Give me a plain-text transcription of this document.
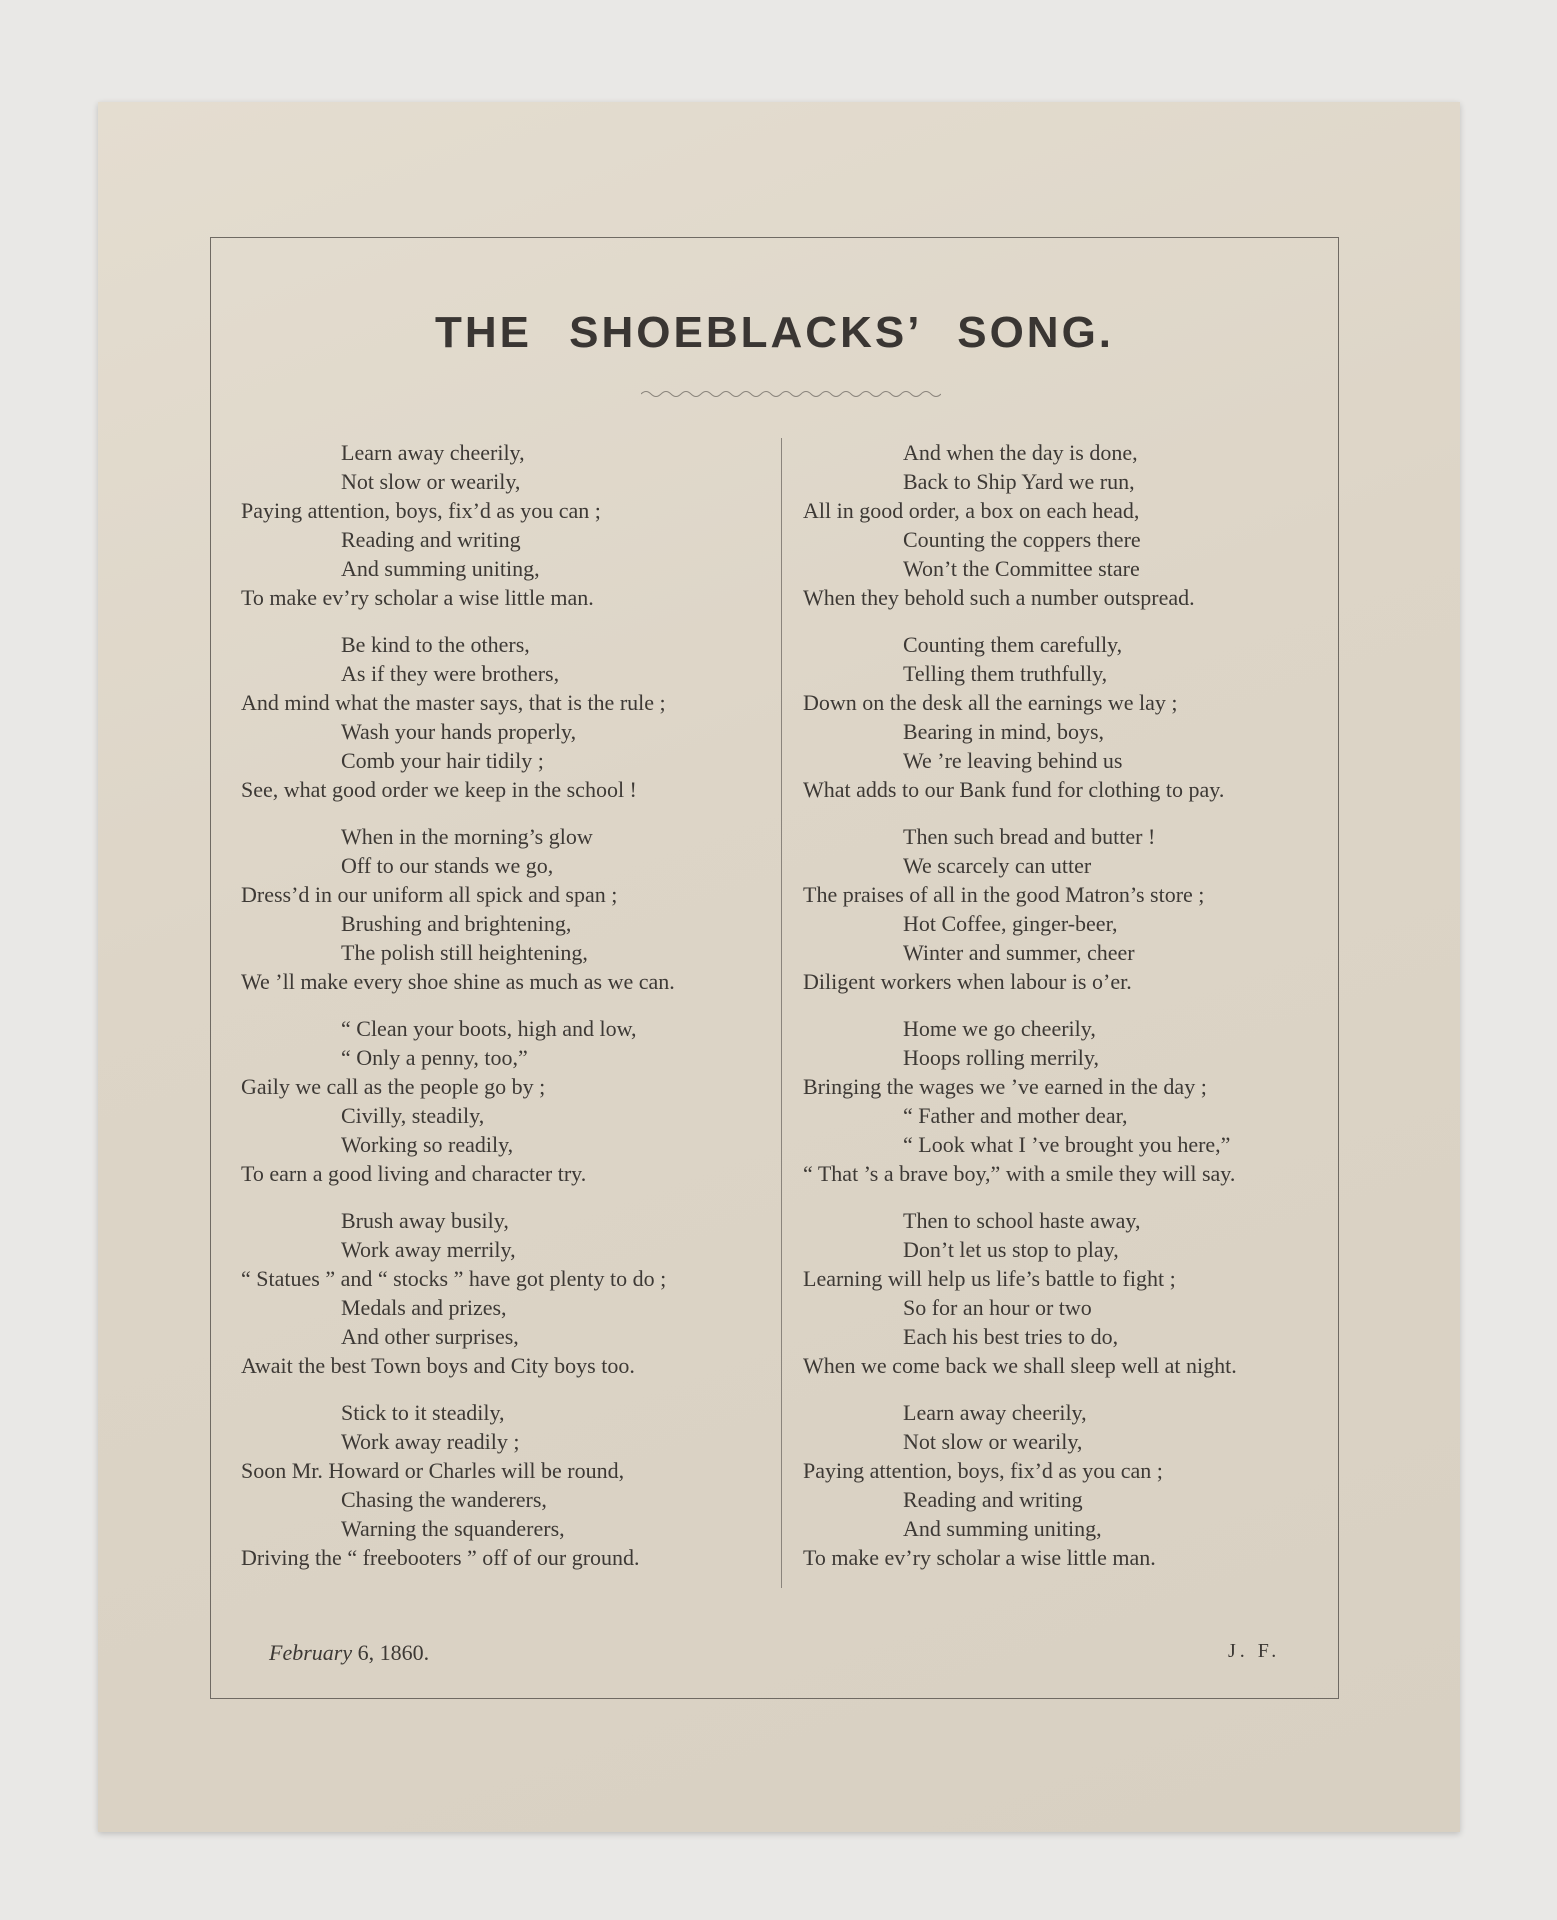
THE SHOEBLACKS’ SONG.
Learn away cheerily,
Not slow or wearily,
Paying attention, boys, fix’d as you can ;
Reading and writing
And summing uniting,
To make ev’ry scholar a wise little man.
Be kind to the others,
As if they were brothers,
And mind what the master says, that is the rule ;
Wash your hands properly,
Comb your hair tidily ;
See, what good order we keep in the school !
When in the morning’s glow
Off to our stands we go,
Dress’d in our uniform all spick and span ;
Brushing and brightening,
The polish still heightening,
We ’ll make every shoe shine as much as we can.
“ Clean your boots, high and low,
“ Only a penny, too,”
Gaily we call as the people go by ;
Civilly, steadily,
Working so readily,
To earn a good living and character try.
Brush away busily,
Work away merrily,
“ Statues ” and “ stocks ” have got plenty to do ;
Medals and prizes,
And other surprises,
Await the best Town boys and City boys too.
Stick to it steadily,
Work away readily ;
Soon Mr. Howard or Charles will be round,
Chasing the wanderers,
Warning the squanderers,
Driving the “ freebooters ” off of our ground.
And when the day is done,
Back to Ship Yard we run,
All in good order, a box on each head,
Counting the coppers there
Won’t the Committee stare
When they behold such a number outspread.
Counting them carefully,
Telling them truthfully,
Down on the desk all the earnings we lay ;
Bearing in mind, boys,
We ’re leaving behind us
What adds to our Bank fund for clothing to pay.
Then such bread and butter !
We scarcely can utter
The praises of all in the good Matron’s store ;
Hot Coffee, ginger-beer,
Winter and summer, cheer
Diligent workers when labour is o’er.
Home we go cheerily,
Hoops rolling merrily,
Bringing the wages we ’ve earned in the day ;
“ Father and mother dear,
“ Look what I ’ve brought you here,”
“ That ’s a brave boy,” with a smile they will say.
Then to school haste away,
Don’t let us stop to play,
Learning will help us life’s battle to fight ;
So for an hour or two
Each his best tries to do,
When we come back we shall sleep well at night.
Learn away cheerily,
Not slow or wearily,
Paying attention, boys, fix’d as you can ;
Reading and writing
And summing uniting,
To make ev’ry scholar a wise little man.
February 6, 1860.	J. F.
